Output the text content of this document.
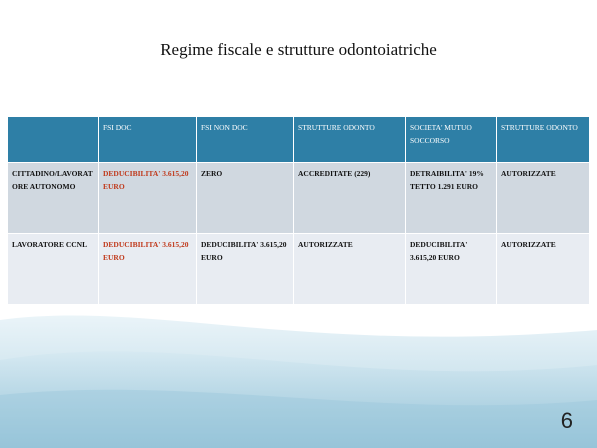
Regime fiscale e strutture odontoiatriche
	FSI DOC	FSI NON DOC	STRUTTURE ODONTO	SOCIETA' MUTUO SOCCORSO	STRUTTURE ODONTO
CITTADINO/LAVORATORE AUTONOMO	DEDUCIBILITA' 3.615,20 EURO	ZERO	ACCREDITATE (229)	DETRAIBILITA' 19% TETTO 1.291 EURO	AUTORIZZATE
LAVORATORE CCNL	DEDUCIBILITA' 3.615,20 EURO	DEDUCIBILITA' 3.615,20 EURO	AUTORIZZATE	DEDUCIBILITA' 3.615,20 EURO	AUTORIZZATE
6
